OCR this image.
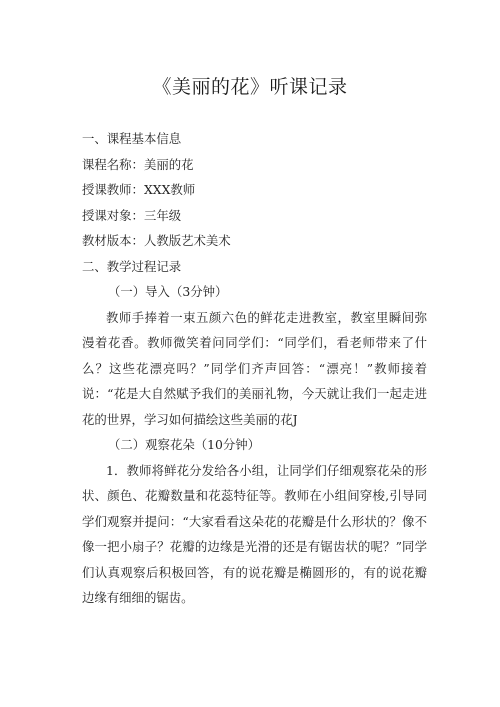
《美丽的花》听课记录
一、课程基本信息
课程名称：美丽的花
授课教师：XXX教师
授课对象：三年级
教材版本：人教版艺术美术
二、教学过程记录
（一）导入（3分钟）
教师手捧着一束五颜六色的鲜花走进教室，教室里瞬间弥漫着花香。教师微笑着问同学们：“同学们，看老师带来了什么？这些花漂亮吗？”同学们齐声回答：“漂亮！”教师接着说：“花是大自然赋予我们的美丽礼物，今天就让我们一起走进花的世界，学习如何描绘这些美丽的花J
（二）观察花朵（10分钟）
1．教师将鲜花分发给各小组，让同学们仔细观察花朵的形状、颜色、花瓣数量和花蕊特征等。教师在小组间穿梭,引导同学们观察并提问：“大家看看这朵花的花瓣是什么形状的？像不像一把小扇子？花瓣的边缘是光滑的还是有锯齿状的呢？”同学们认真观察后积极回答，有的说花瓣是椭圆形的，有的说花瓣边缘有细细的锯齿。
